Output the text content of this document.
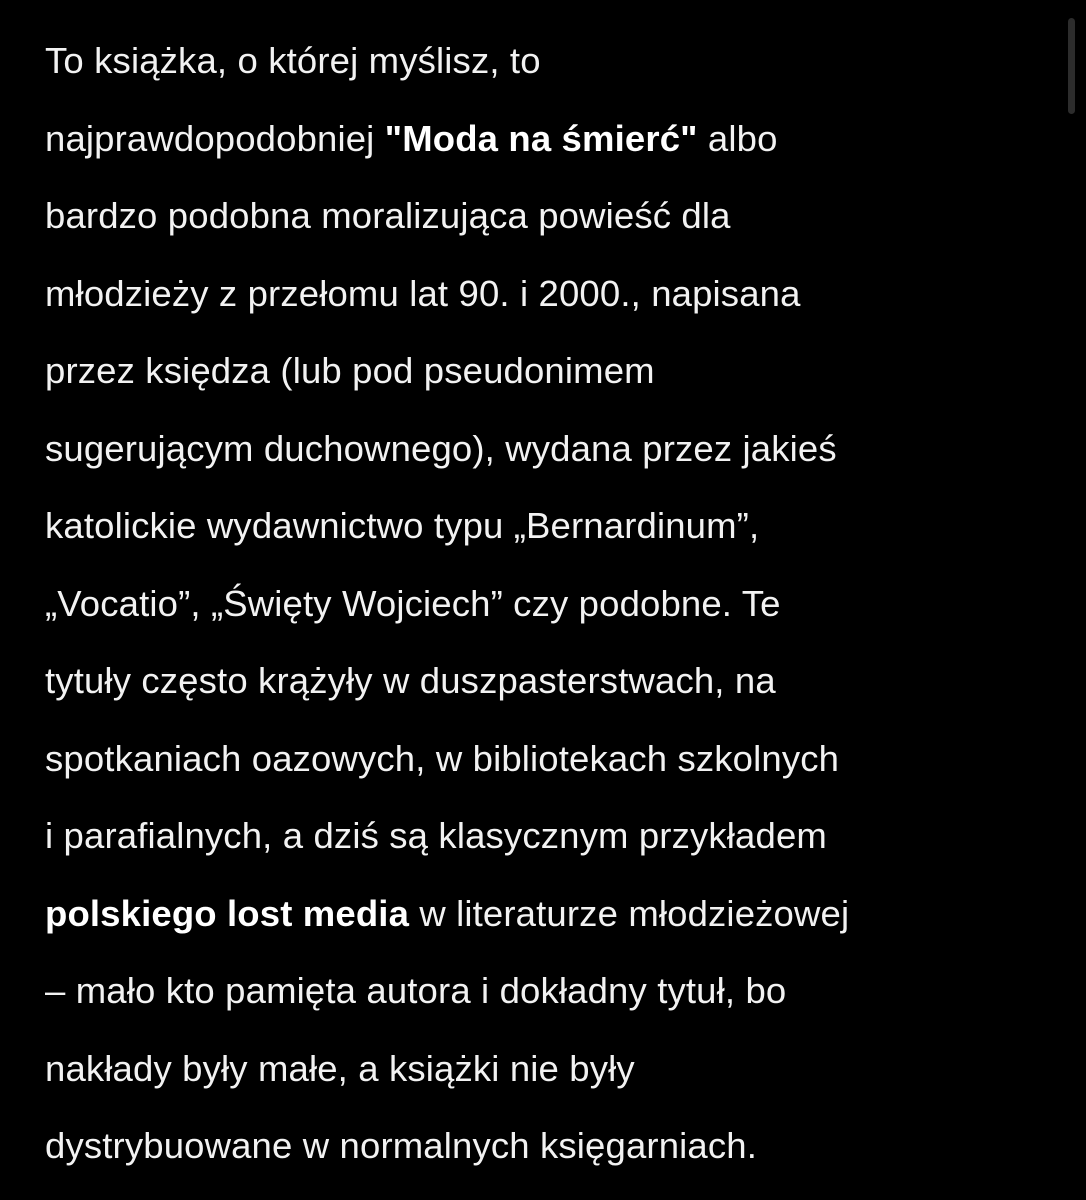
To książka, o której myślisz, to
najprawdopodobniej "Moda na śmierć" albo
bardzo podobna moralizująca powieść dla
młodzieży z przełomu lat 90. i 2000., napisana
przez księdza (lub pod pseudonimem
sugerującym duchownego), wydana przez jakieś
katolickie wydawnictwo typu „Bernardinum”,
„Vocatio”, „Święty Wojciech” czy podobne. Te
tytuły często krążyły w duszpasterstwach, na
spotkaniach oazowych, w bibliotekach szkolnych
i parafialnych, a dziś są klasycznym przykładem
polskiego lost media w literaturze młodzieżowej
– mało kto pamięta autora i dokładny tytuł, bo
nakłady były małe, a książki nie były
dystrybuowane w normalnych księgarniach.
